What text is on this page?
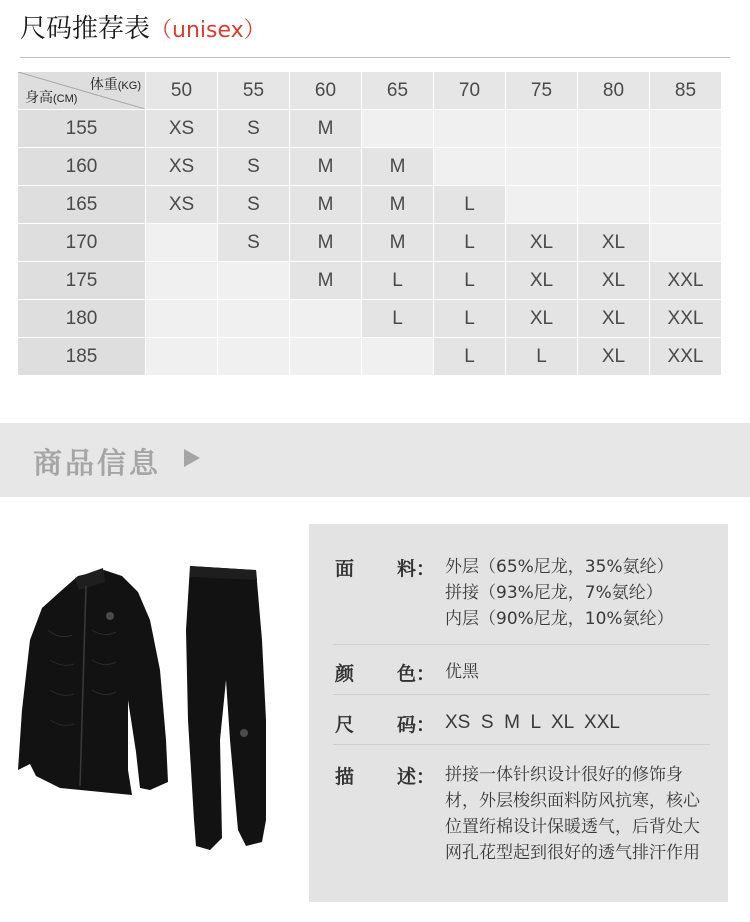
尺码推荐表（unisex）
体重(KG)
身高(CM)	50	55	60	65	70	75	80	85
155	XS	S	M					
160	XS	S	M	M				
165	XS	S	M	M	L			
170		S	M	M	L	XL	XL	
175			M	L	L	XL	XL	XXL
180				L	L	XL	XL	XXL
185					L	L	XL	XXL
商品信息
面 料： 外层（65%尼龙，35%氨纶）
拼接（93%尼龙，7%氨纶）
内层（90%尼龙，10%氨纶）
颜 色： 优黑
尺 码： XS  S  M  L  XL  XXL
描 述： 拼接一体针织设计很好的修饰身
材，外层梭织面料防风抗寒，核心
位置绗棉设计保暖透气，后背处大
网孔花型起到很好的透气排汗作用
